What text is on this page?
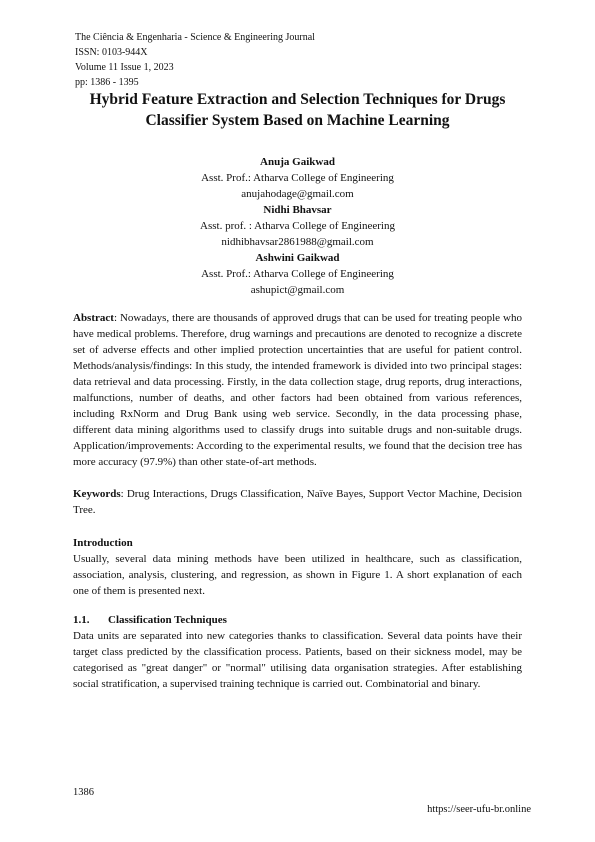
The Ciência & Engenharia - Science & Engineering Journal
ISSN: 0103-944X
Volume 11 Issue 1, 2023
pp: 1386 - 1395
Hybrid Feature Extraction and Selection Techniques for Drugs Classifier System Based on Machine Learning
Anuja Gaikwad
Asst. Prof.: Atharva College of Engineering
anujahodage@gmail.com
Nidhi Bhavsar
Asst. prof. : Atharva College of Engineering
nidhibhavsar2861988@gmail.com
Ashwini Gaikwad
Asst. Prof.: Atharva College of Engineering
ashupict@gmail.com
Abstract: Nowadays, there are thousands of approved drugs that can be used for treating people who have medical problems. Therefore, drug warnings and precautions are denoted to recognize a discrete set of adverse effects and other implied protection uncertainties that are useful for patient control. Methods/analysis/findings: In this study, the intended framework is divided into two principal stages: data retrieval and data processing. Firstly, in the data collection stage, drug reports, drug interactions, malfunctions, number of deaths, and other factors had been obtained from various references, including RxNorm and Drug Bank using web service. Secondly, in the data processing phase, different data mining algorithms used to classify drugs into suitable drugs and non-suitable drugs. Application/improvements: According to the experimental results, we found that the decision tree has more accuracy (97.9%) than other state-of-art methods.
Keywords: Drug Interactions, Drugs Classification, Naïve Bayes, Support Vector Machine, Decision Tree.
Introduction
Usually, several data mining methods have been utilized in healthcare, such as classification, association, analysis, clustering, and regression, as shown in Figure 1. A short explanation of each one of them is presented next.
1.1. Classification Techniques
Data units are separated into new categories thanks to classification. Several data points have their target class predicted by the classification process. Patients, based on their sickness model, may be categorised as "great danger" or "normal" utilising data organisation strategies. After establishing social stratification, a supervised training technique is carried out. Combinatorial and binary.
1386
https://seer-ufu-br.online
